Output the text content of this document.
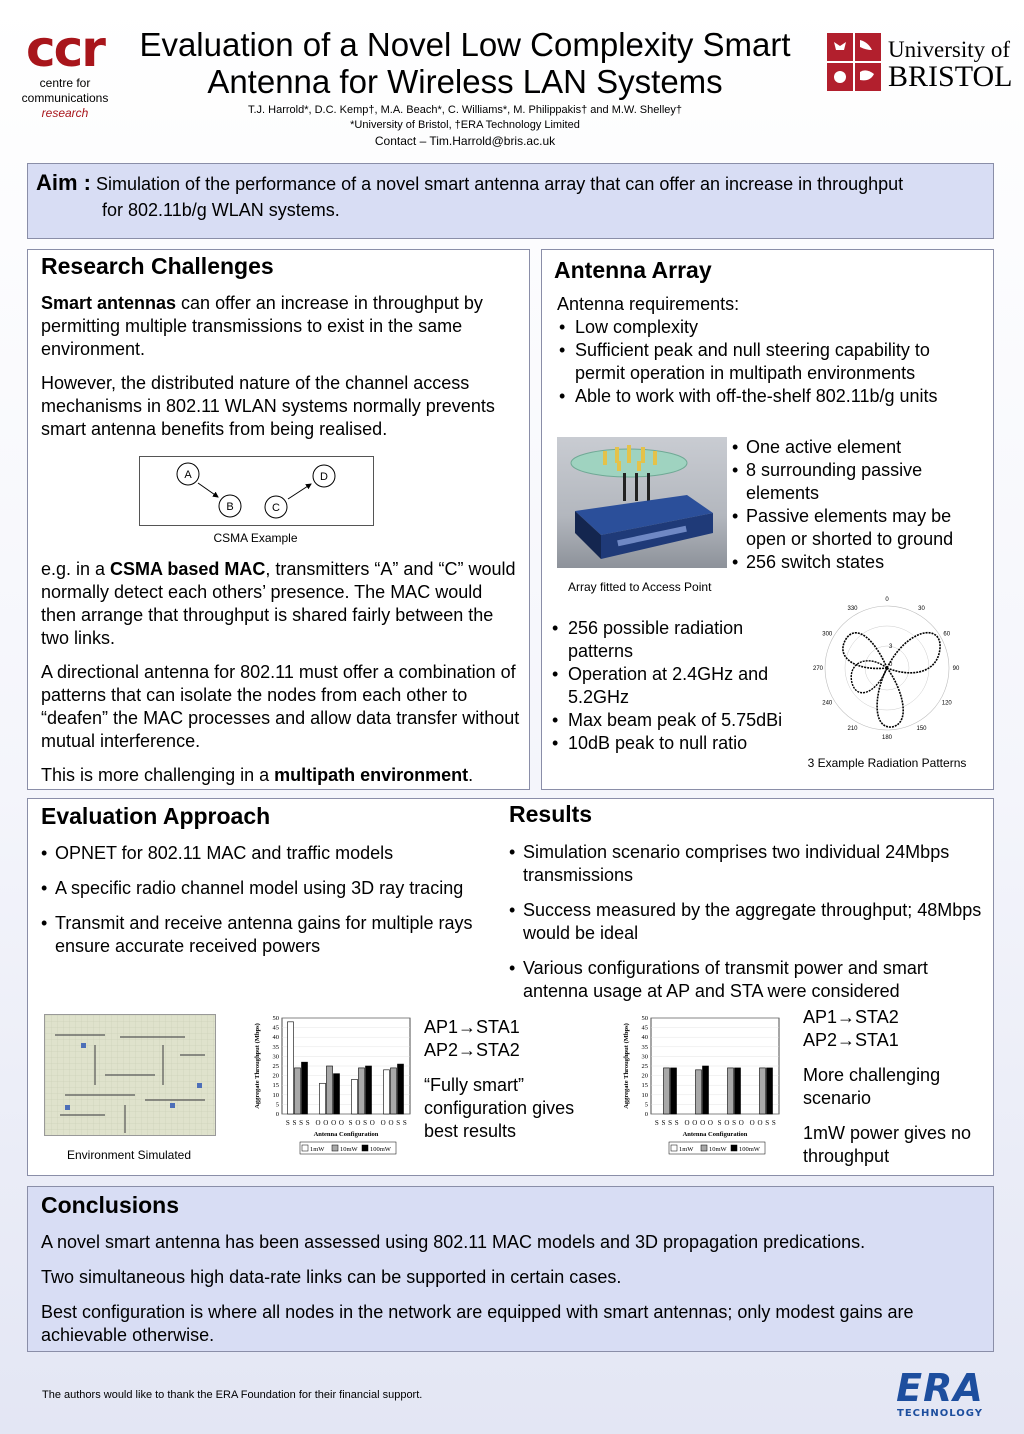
ccr
centre for
communications
research
Evaluation of a Novel Low Complexity Smart
Antenna for Wireless LAN Systems
T.J. Harrold*, D.C. Kemp†, M.A. Beach*, C. Williams*, M. Philippakis† and M.W. Shelley†
*University of Bristol, †ERA Technology Limited
Contact – Tim.Harrold@bris.ac.uk
University of
BRISTOL
Aim : Simulation of the performance of a novel smart antenna array that can offer an increase in throughput
for 802.11b/g WLAN systems.
Research Challenges

Smart antennas can offer an increase in throughput by permitting multiple transmissions to exist in the same environment.

However, the distributed nature of the channel access mechanisms in 802.11 WLAN systems normally prevents smart antenna benefits from being realised.

A
B	C
D
CSMA Example

e.g. in a CSMA based MAC, transmitters “A” and “C” would normally detect each others’ presence. The MAC would then arrange that throughput is shared fairly between the two links.

A directional antenna for 802.11 must offer a combination of patterns that can isolate the nodes from each other to “deafen” the MAC processes and allow data transfer without mutual interference.

This is more challenging in a multipath environment.

Antenna Array

Antenna requirements:

• Low complexity
• Sufficient peak and null steering capability to permit operation in multipath environments
• Able to work with off-the-shelf 802.11b/g units
Array fitted to Access Point
• One active element
• 8 surrounding passive elements
• Passive elements may be open or shorted to ground
• 256 switch states
• 256 possible radiation patterns
• Operation at 2.4GHz and 5.2GHz
• Max beam peak of 5.75dBi
• 10dB peak to null ratio
0
30
60
90
120
150
180
210
240
270
300
330
0
3
3 Example Radiation Patterns
Evaluation Approach
• OPNET for 802.11 MAC and traffic models
• A specific radio channel model using 3D ray tracing
• Transmit and receive antenna gains for multiple rays ensure accurate received powers
Results
• Simulation scenario comprises two individual 24Mbps transmissions
• Success measured by the aggregate throughput; 48Mbps would be ideal
• Various configurations of transmit power and smart antenna usage at AP and STA were considered
Environment Simulated
0
5
10
15
20
25
30
35
40
45
50
S S S S O O O O S O S O O O S S
Aggregate Throughput (Mbps)
Antenna Configuration
1mW 10mW 100mW
AP1→STA1
AP2→STA2
“Fully smart” configuration gives best results
0
5
10
15
20
25
30
35
40
45
50
S S S S O O O O S O S O O O S S
Aggregate Throughput (Mbps)
Antenna Configuration
1mW 10mW 100mW
AP1→STA2
AP2→STA1
More challenging scenario
1mW power gives no throughput
Conclusions

A novel smart antenna has been assessed using 802.11 MAC models and 3D propagation predications.

Two simultaneous high data-rate links can be supported in certain cases.

Best configuration is where all nodes in the network are equipped with smart antennas; only modest gains are achievable otherwise.

The authors would like to thank the ERA Foundation for their financial support.	ERA
TECHNOLOGY
